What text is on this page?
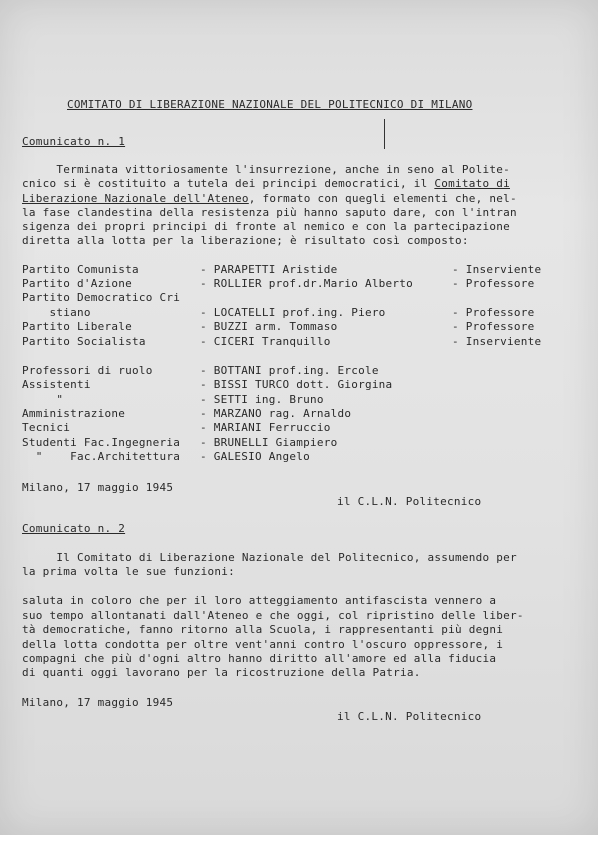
COMITATO DI LIBERAZIONE NAZIONALE DEL POLITECNICO DI MILANO
Comunicato n. 1
Terminata vittoriosamente l'insurrezione, anche in seno al Polite-
cnico si è costituito a tutela dei principi democratici, il Comitato di
Liberazione Nazionale dell'Ateneo, formato con quegli elementi che, nel-
la fase clandestina della resistenza più hanno saputo dare, con l'intran
sigenza dei propri principi di fronte al nemico e con la partecipazione
diretta alla lotta per la liberazione; è risultato così composto:
Partito Comunista	- PARAPETTI Aristide	- Inserviente
Partito d'Azione	- ROLLIER prof.dr.Mario Alberto	- Professore
Partito Democratico Cri
stiano	- LOCATELLI prof.ing. Piero	- Professore
Partito Liberale	- BUZZI arm. Tommaso	- Professore
Partito Socialista	- CICERI Tranquillo	- Inserviente
Professori di ruolo	- BOTTANI prof.ing. Ercole
Assistenti	- BISSI TURCO dott. Giorgina
"	- SETTI ing. Bruno
Amministrazione	- MARZANO rag. Arnaldo
Tecnici	- MARIANI Ferruccio
Studenti Fac.Ingegneria - BRUNELLI Giampiero
"    Fac.Architettura - GALESIO Angelo
Milano, 17 maggio 1945
il C.L.N. Politecnico
Comunicato n. 2
Il Comitato di Liberazione Nazionale del Politecnico, assumendo per
la prima volta le sue funzioni:
saluta in coloro che per il loro atteggiamento antifascista vennero a
suo tempo allontanati dall'Ateneo e che oggi, col ripristino delle liber-
tà democratiche, fanno ritorno alla Scuola, i rappresentanti più degni
della lotta condotta per oltre vent'anni contro l'oscuro oppressore, i
compagni che più d'ogni altro hanno diritto all'amore ed alla fiducia
di quanti oggi lavorano per la ricostruzione della Patria.
Milano, 17 maggio 1945
il C.L.N. Politecnico
